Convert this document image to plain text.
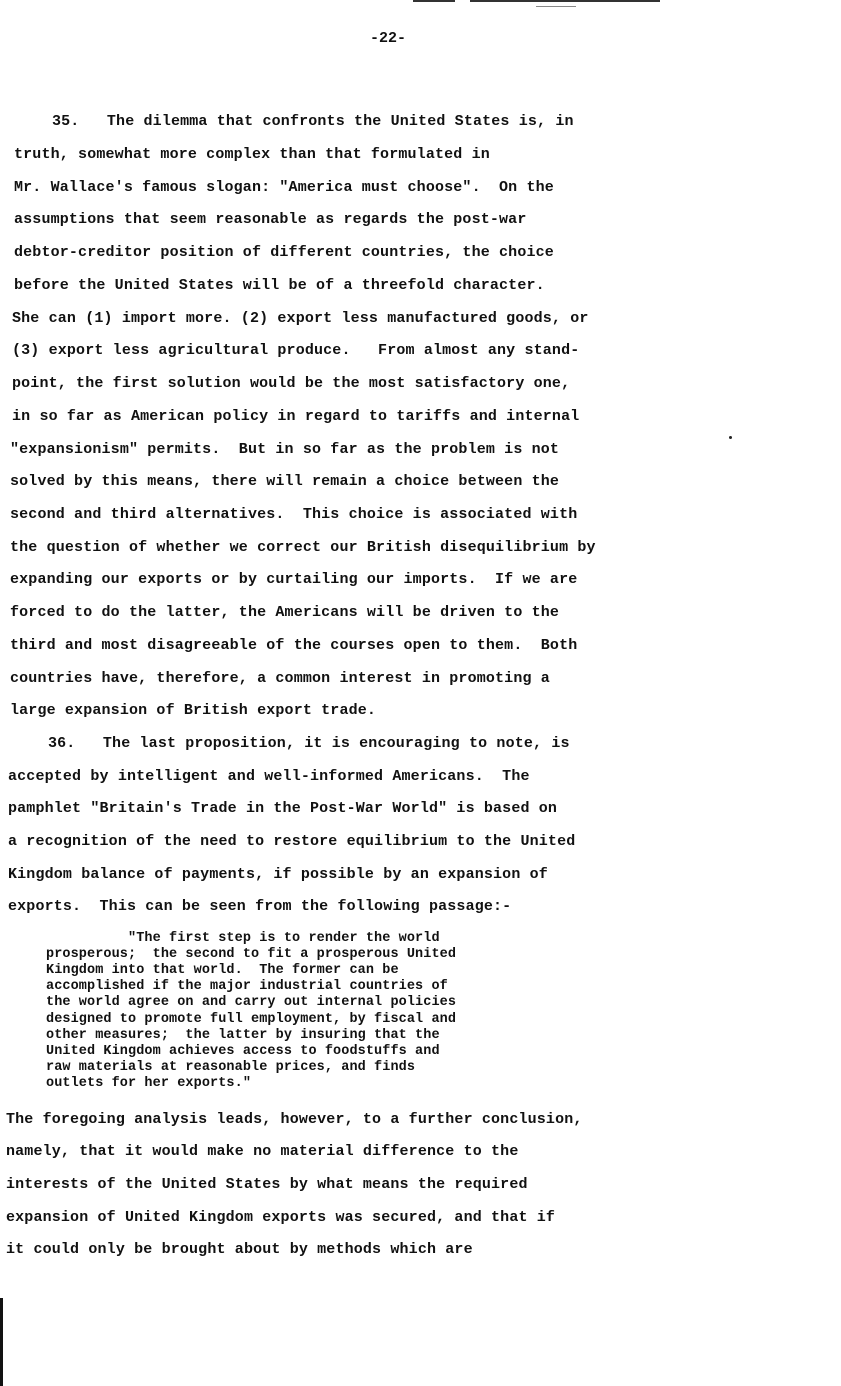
-22-
35.   The dilemma that confronts the United States is, in
truth, somewhat more complex than that formulated in
Mr. Wallace's famous slogan: "America must choose".  On the
assumptions that seem reasonable as regards the post-war
debtor-creditor position of different countries, the choice
before the United States will be of a threefold character.
She can (1) import more. (2) export less manufactured goods, or
(3) export less agricultural produce.   From almost any stand-
point, the first solution would be the most satisfactory one,
in so far as American policy in regard to tariffs and internal
"expansionism" permits.  But in so far as the problem is not
solved by this means, there will remain a choice between the
second and third alternatives.  This choice is associated with
the question of whether we correct our British disequilibrium by
expanding our exports or by curtailing our imports.  If we are
forced to do the latter, the Americans will be driven to the
third and most disagreeable of the courses open to them.  Both
countries have, therefore, a common interest in promoting a
large expansion of British export trade.
36.   The last proposition, it is encouraging to note, is
accepted by intelligent and well-informed Americans.  The
pamphlet "Britain's Trade in the Post-War World" is based on
a recognition of the need to restore equilibrium to the United
Kingdom balance of payments, if possible by an expansion of
exports.  This can be seen from the following passage:-
"The first step is to render the world
prosperous;  the second to fit a prosperous United
Kingdom into that world.  The former can be
accomplished if the major industrial countries of
the world agree on and carry out internal policies
designed to promote full employment, by fiscal and
other measures;  the latter by insuring that the
United Kingdom achieves access to foodstuffs and
raw materials at reasonable prices, and finds
outlets for her exports."
The foregoing analysis leads, however, to a further conclusion,
namely, that it would make no material difference to the
interests of the United States by what means the required
expansion of United Kingdom exports was secured, and that if
it could only be brought about by methods which are
